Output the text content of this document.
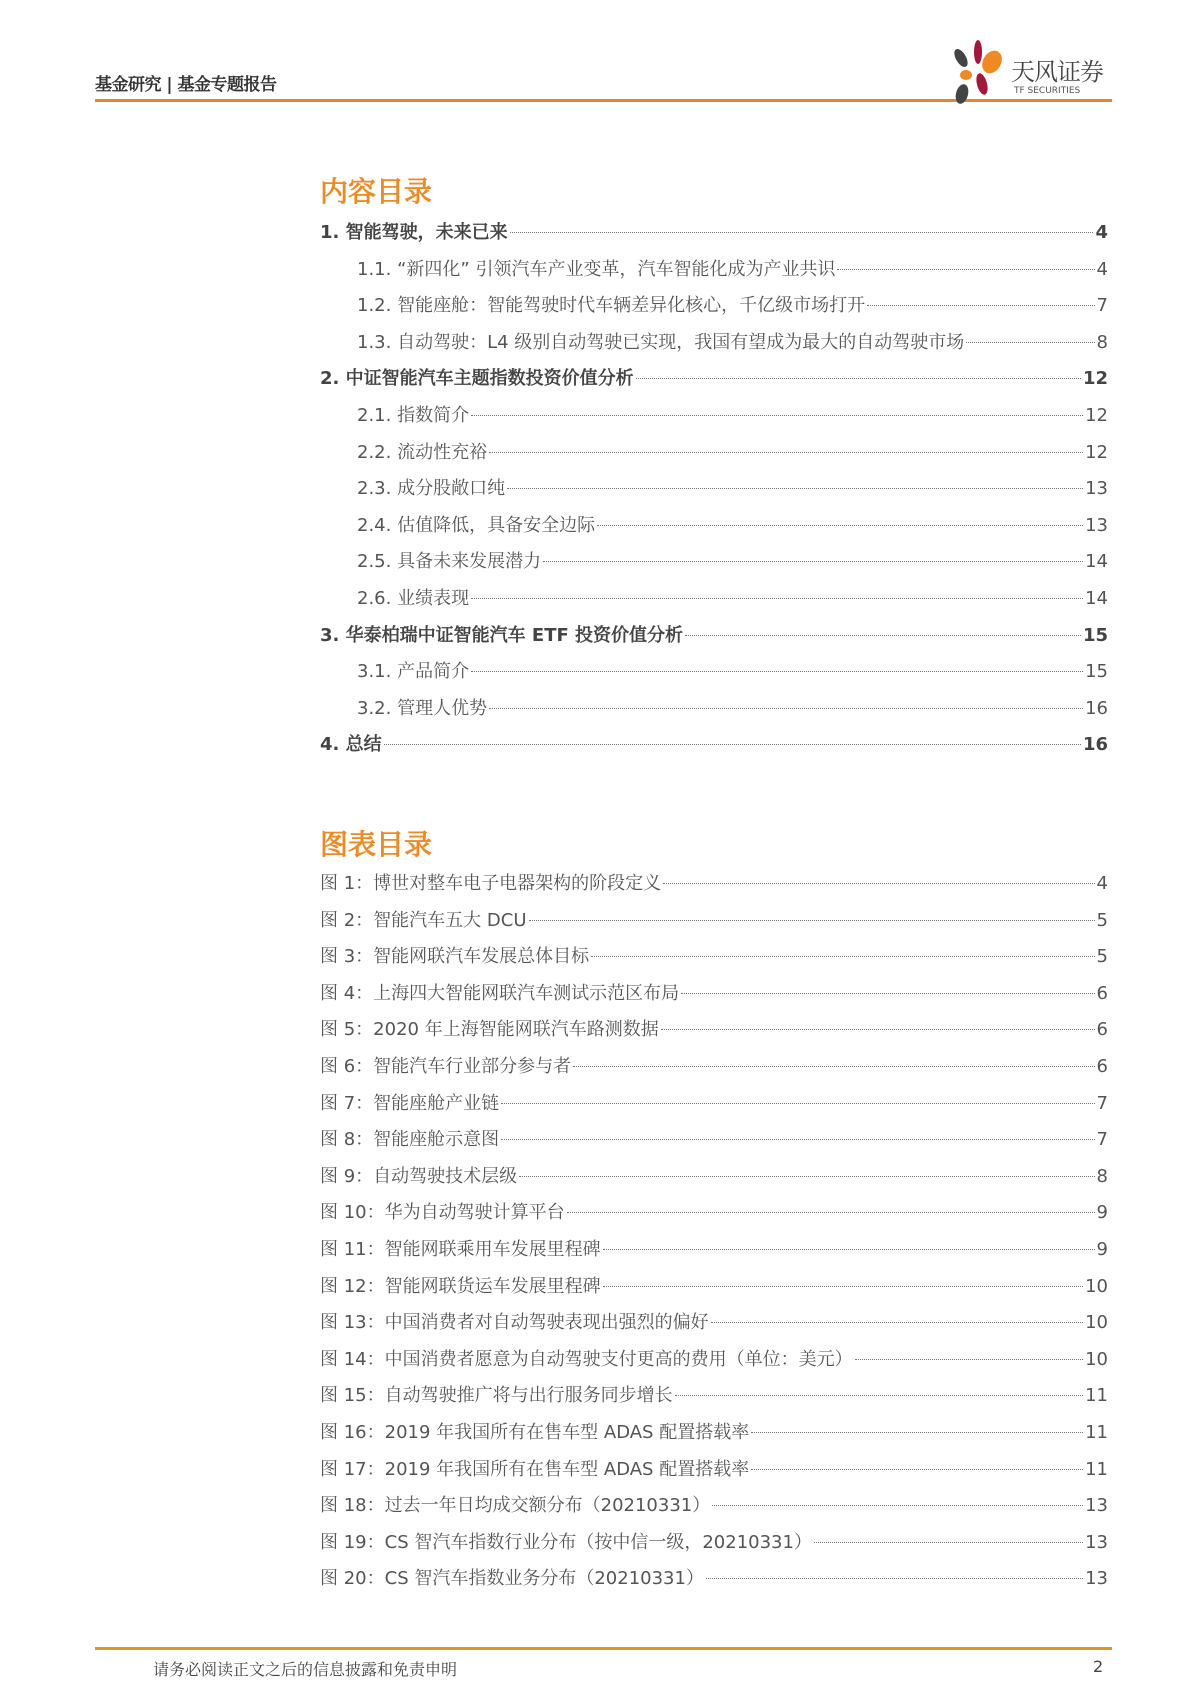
基金研究 | 基金专题报告	天风证券
TF SECURITIES
内容目录
1. 智能驾驶，未来已来	4
1.1. “新四化” 引领汽车产业变革，汽车智能化成为产业共识	4
1.2. 智能座舱：智能驾驶时代车辆差异化核心，千亿级市场打开	7
1.3. 自动驾驶：L4 级别自动驾驶已实现，我国有望成为最大的自动驾驶市场	8
2. 中证智能汽车主题指数投资价值分析	12
2.1. 指数简介	12
2.2. 流动性充裕	12
2.3. 成分股敞口纯	13
2.4. 估值降低，具备安全边际	13
2.5. 具备未来发展潜力	14
2.6. 业绩表现	14
3. 华泰柏瑞中证智能汽车 ETF 投资价值分析	15
3.1. 产品简介	15
3.2. 管理人优势	16
4. 总结	16
图表目录
图 1：博世对整车电子电器架构的阶段定义	4
图 2：智能汽车五大 DCU	5
图 3：智能网联汽车发展总体目标	5
图 4：上海四大智能网联汽车测试示范区布局	6
图 5：2020 年上海智能网联汽车路测数据	6
图 6：智能汽车行业部分参与者	6
图 7：智能座舱产业链	7
图 8：智能座舱示意图	7
图 9：自动驾驶技术层级	8
图 10：华为自动驾驶计算平台	9
图 11：智能网联乘用车发展里程碑	9
图 12：智能网联货运车发展里程碑	10
图 13：中国消费者对自动驾驶表现出强烈的偏好	10
图 14：中国消费者愿意为自动驾驶支付更高的费用（单位：美元）	10
图 15：自动驾驶推广将与出行服务同步增长	11
图 16：2019 年我国所有在售车型 ADAS 配置搭载率	11
图 17：2019 年我国所有在售车型 ADAS 配置搭载率	11
图 18：过去一年日均成交额分布（20210331）	13
图 19：CS 智汽车指数行业分布（按中信一级，20210331）	13
图 20：CS 智汽车指数业务分布（20210331）	13
请务必阅读正文之后的信息披露和免责申明	2
